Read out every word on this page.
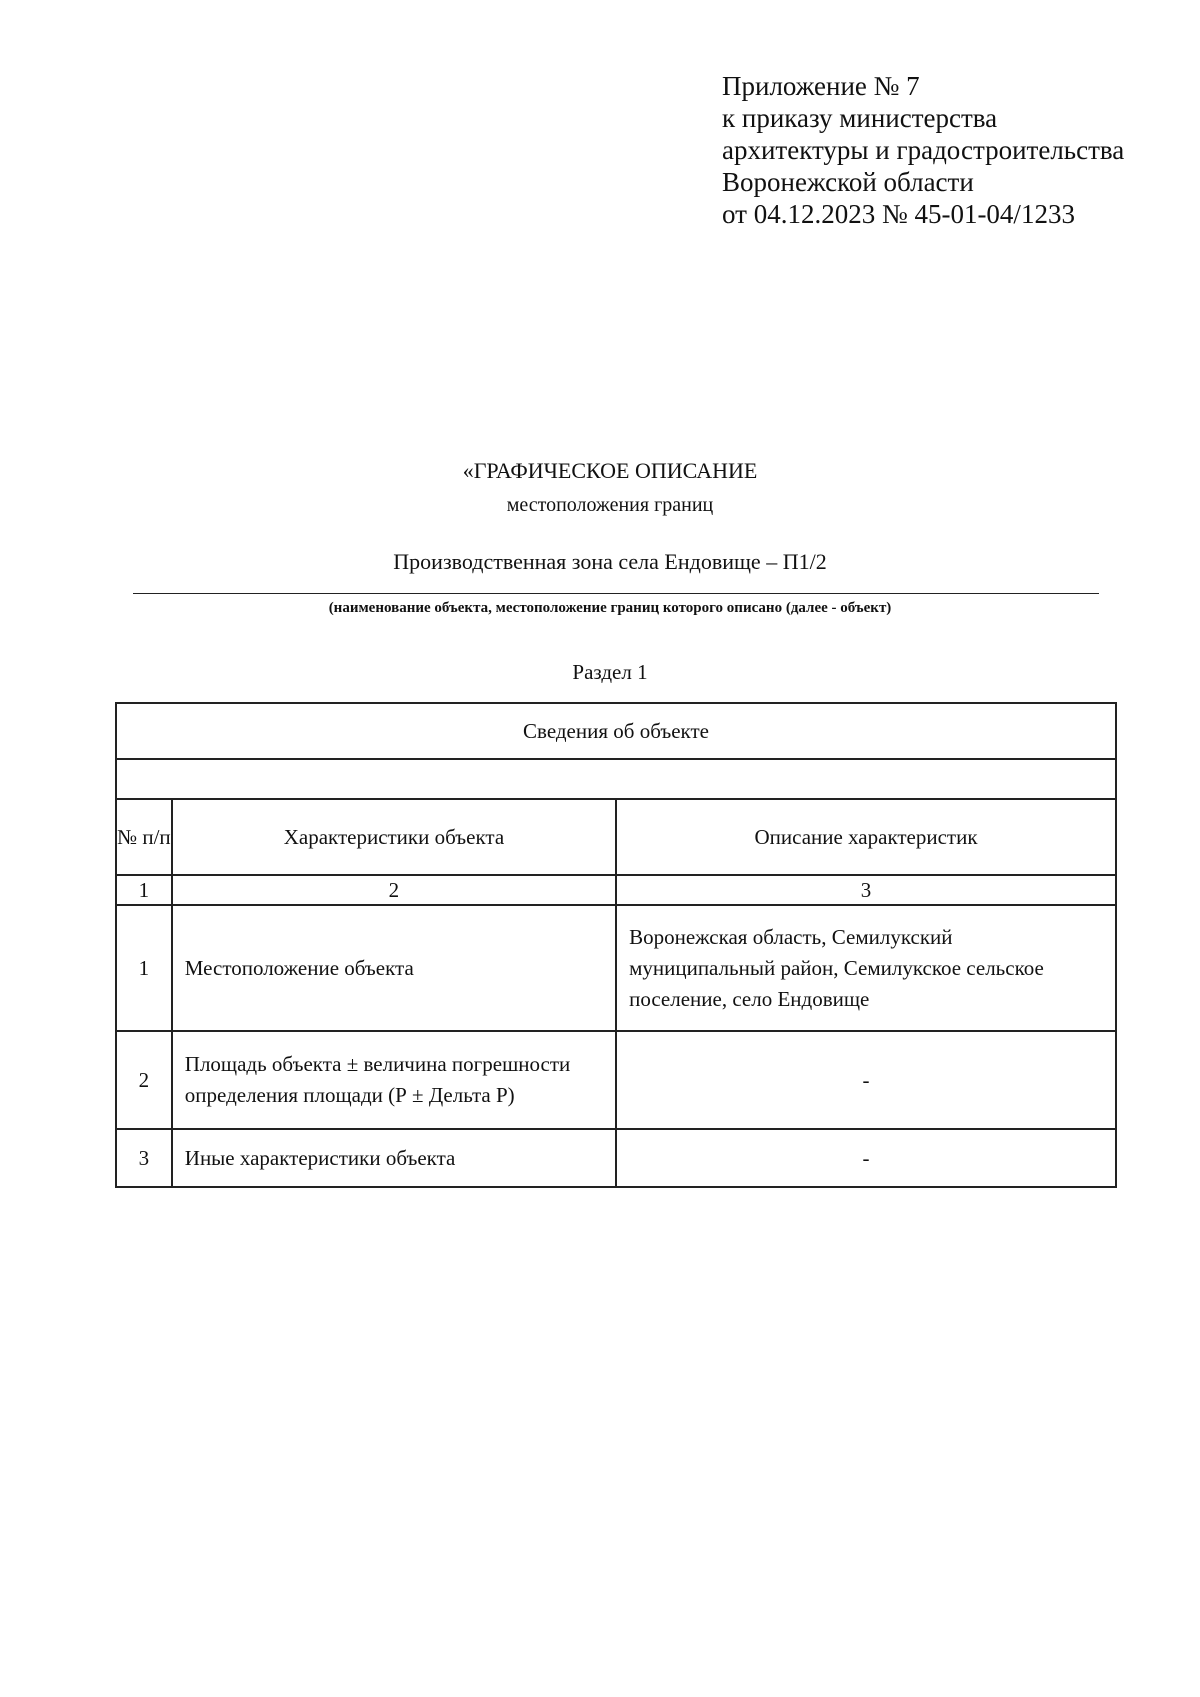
Приложение № 7
к приказу министерства
архитектуры и градостроительства
Воронежской области
от 04.12.2023 № 45-01-04/1233
«ГРАФИЧЕСКОЕ ОПИСАНИЕ
местоположения границ
Производственная зона села Ендовище – П1/2
(наименование объекта, местоположение границ которого описано (далее - объект)
Раздел 1
Сведения об объекте		

№ п/п	Характеристики объекта	Описание характеристик
1	2	3
1	Местоположение объекта	Воронежская область, Семилукский муниципальный район, Семилукское сельское поселение, село Ендовище
2	Площадь объекта ± величина погрешности определения площади (Р ± Дельта Р)	-
3	Иные характеристики объекта	-
